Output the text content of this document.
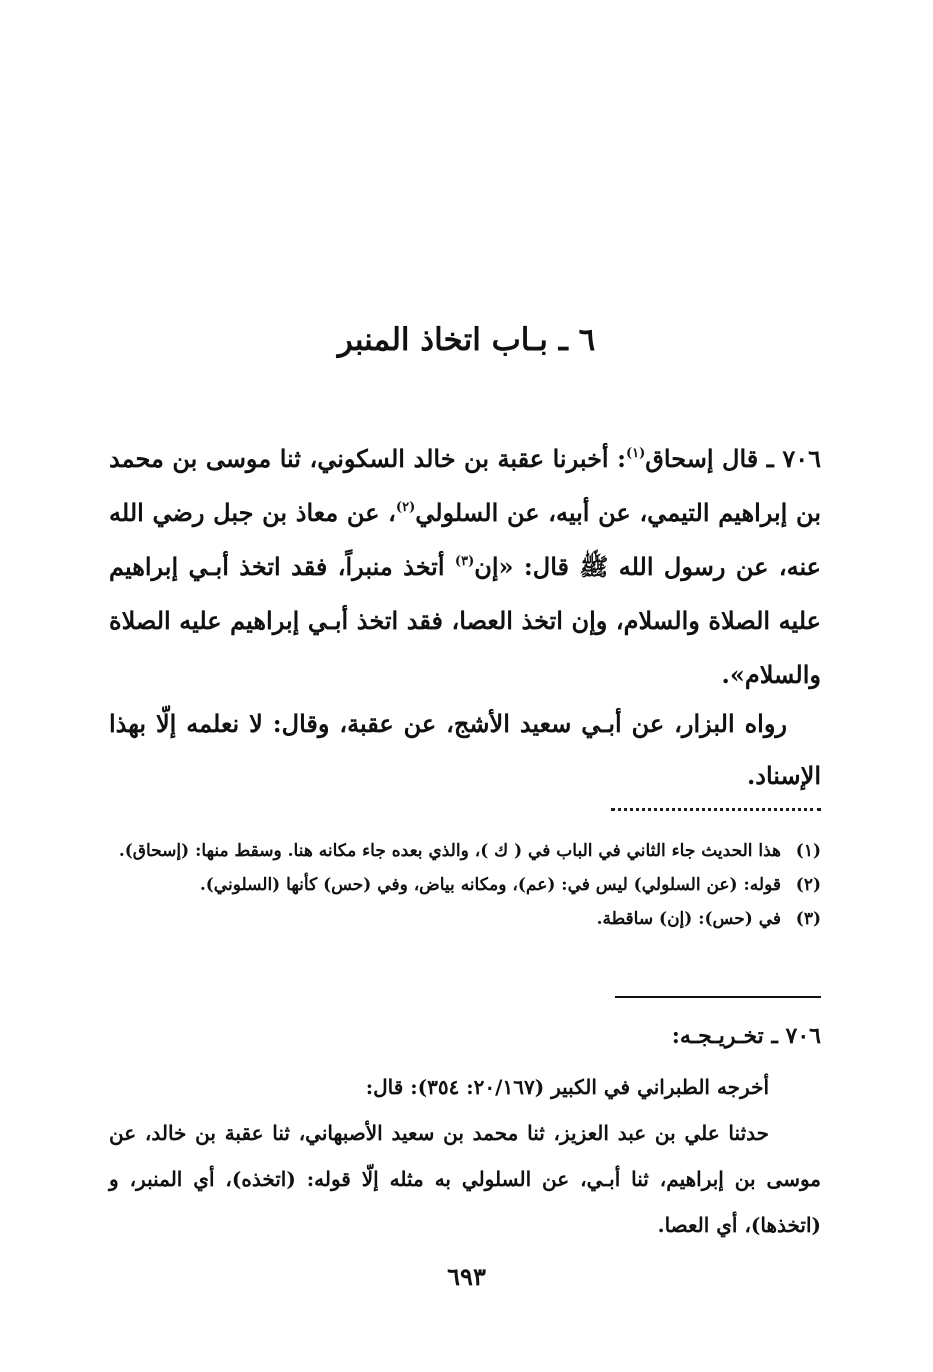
٦ ـ بـاب اتخاذ المنبر

٧٠٦ ـ قال إسحاق$^{(١)}$: أخبرنا عقبة بن خالد السكوني، ثنا موسى بن محمد بن إبراهيم التيمي، عن أبيه، عن السلولي$^{(٢)}$، عن معاذ بن جبل رضي الله عنه، عن رسول الله ﷺ قال: «إن$^{(٣)}$ أتخذ منبراً، فقد اتخذ أبـي إبراهيم عليه الصلاة والسلام، وإن اتخذ العصا، فقد اتخذ أبـي إبراهيم عليه الصلاة والسلام».

رواه البزار، عن أبـي سعيد الأشج، عن عقبة، وقال: لا نعلمه إلّا بهذا الإسناد.

(١)
هذا الحديث جاء الثاني في الباب في ( ك )، والذي بعده جاء مكانه هنا. وسقط منها: (إسحاق).
(٢)
قوله: (عن السلولي) ليس في: (عم)، ومكانه بياض، وفي (حس) كأنها (السلوني).
(٣)
في (حس): (إن) ساقطة.
٧٠٦ ـ تخـريـجـه:
أخرجه الطبراني في الكبير (٢٠/١٦٧: ٣٥٤): قال:
حدثنا علي بن عبد العزيز، ثنا محمد بن سعيد الأصبهاني، ثنا عقبة بن خالد، عن موسى بن إبراهيم، ثنا أبـي، عن السلولي به مثله إلّا قوله: (اتخذه)، أي المنبر، و (اتخذها)، أي العصا.
٦٩٣
